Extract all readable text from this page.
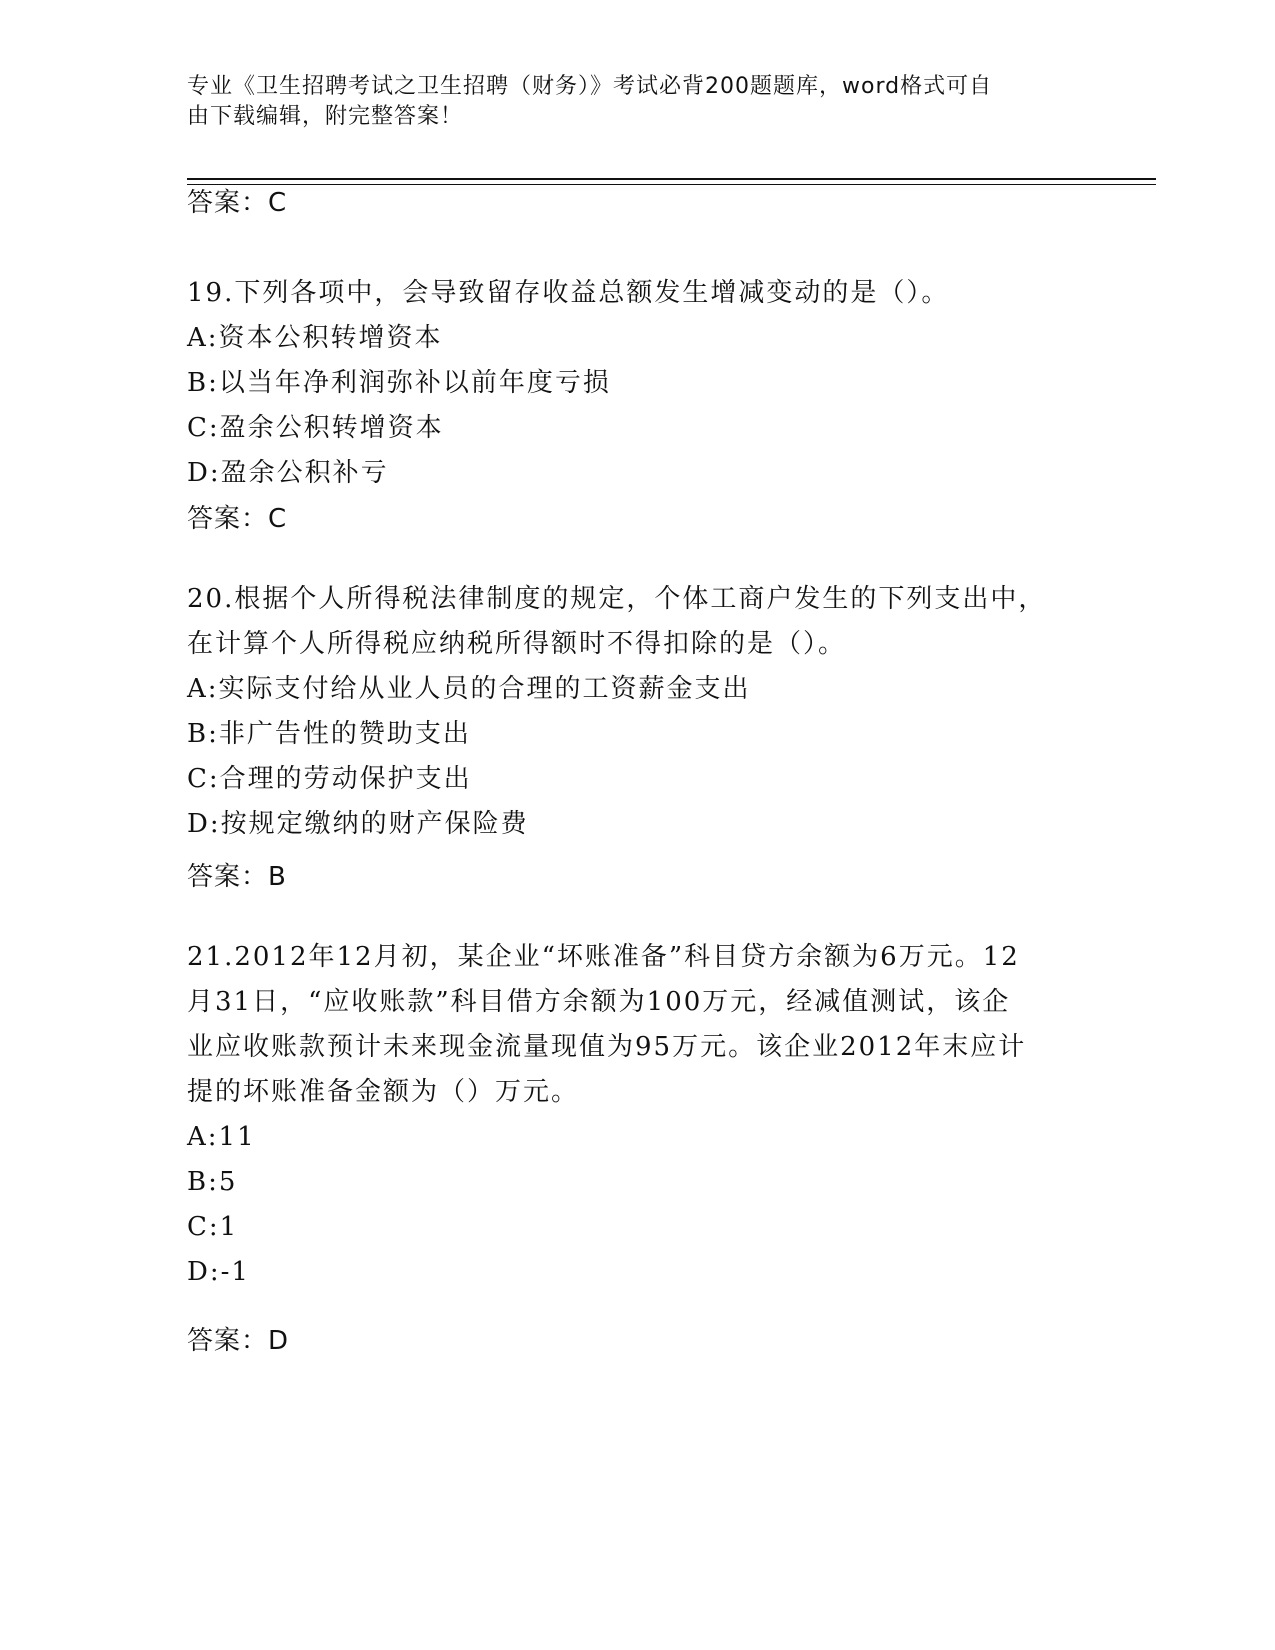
专业《卫生招聘考试之卫生招聘（财务）》考试必背200题题库，word格式可自
由下载编辑，附完整答案！
答案：C

19.下列各项中，会导致留存收益总额发生增减变动的是（）。

A:资本公积转增资本

B:以当年净利润弥补以前年度亏损

C:盈余公积转增资本

D:盈余公积补亏

答案：C

20.根据个人所得税法律制度的规定，个体工商户发生的下列支出中，

在计算个人所得税应纳税所得额时不得扣除的是（）。

A:实际支付给从业人员的合理的工资薪金支出

B:非广告性的赞助支出

C:合理的劳动保护支出

D:按规定缴纳的财产保险费

答案：B

21.2012年12月初，某企业“坏账准备”科目贷方余额为6万元。12

月31日，“应收账款”科目借方余额为100万元，经减值测试，该企

业应收账款预计未来现金流量现值为95万元。该企业2012年末应计

提的坏账准备金额为（）万元。

A:11

B:5

C:1

D:-1

答案：D
